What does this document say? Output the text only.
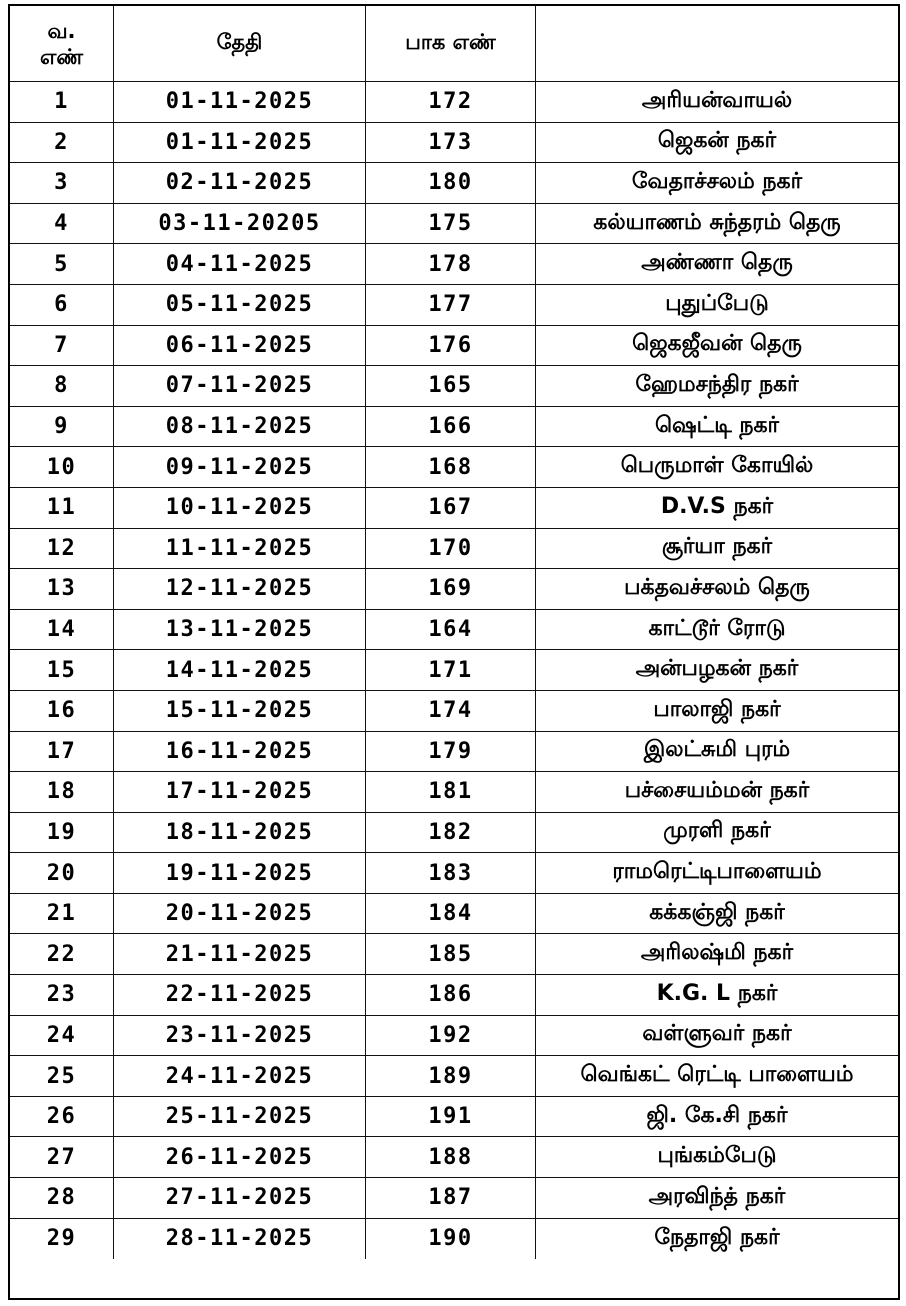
வ.
எண்
தேதி	பாக எண்
1	01-11-2025	172	அரியன்வாயல்
2	01-11-2025	173	ஜெகன் நகர்
3	02-11-2025	180	வேதாச்சலம் நகர்
4	03-11-20205	175	கல்யாணம் சுந்தரம் தெரு
5	04-11-2025	178	அண்ணா தெரு
6	05-11-2025	177	புதுப்பேடு
7	06-11-2025	176	ஜெகஜீவன் தெரு
8	07-11-2025	165	ஹேமசந்திர நகர்
9	08-11-2025	166	ஷெட்டி நகர்
10	09-11-2025	168	பெருமாள் கோயில்
11	10-11-2025	167	D.V.S நகர்
12	11-11-2025	170	சூர்யா நகர்
13	12-11-2025	169	பக்தவச்சலம் தெரு
14	13-11-2025	164	காட்டூர் ரோடு
15	14-11-2025	171	அன்பழகன் நகர்
16	15-11-2025	174	பாலாஜி நகர்
17	16-11-2025	179	இலட்சுமி புரம்
18	17-11-2025	181	பச்சையம்மன் நகர்
19	18-11-2025	182	முரளி நகர்
20	19-11-2025	183	ராமரெட்டிபாளையம்
21	20-11-2025	184	கக்கஞ்ஜி நகர்
22	21-11-2025	185	அரிலஷ்மி நகர்
23	22-11-2025	186	K.G. L நகர்
24	23-11-2025	192	வள்ளுவர் நகர்
25	24-11-2025	189	வெங்கட் ரெட்டி பாளையம்
26	25-11-2025	191	ஜி. கே.சி நகர்
27	26-11-2025	188	புங்கம்பேடு
28	27-11-2025	187	அரவிந்த் நகர்
29	28-11-2025	190	நேதாஜி நகர்
